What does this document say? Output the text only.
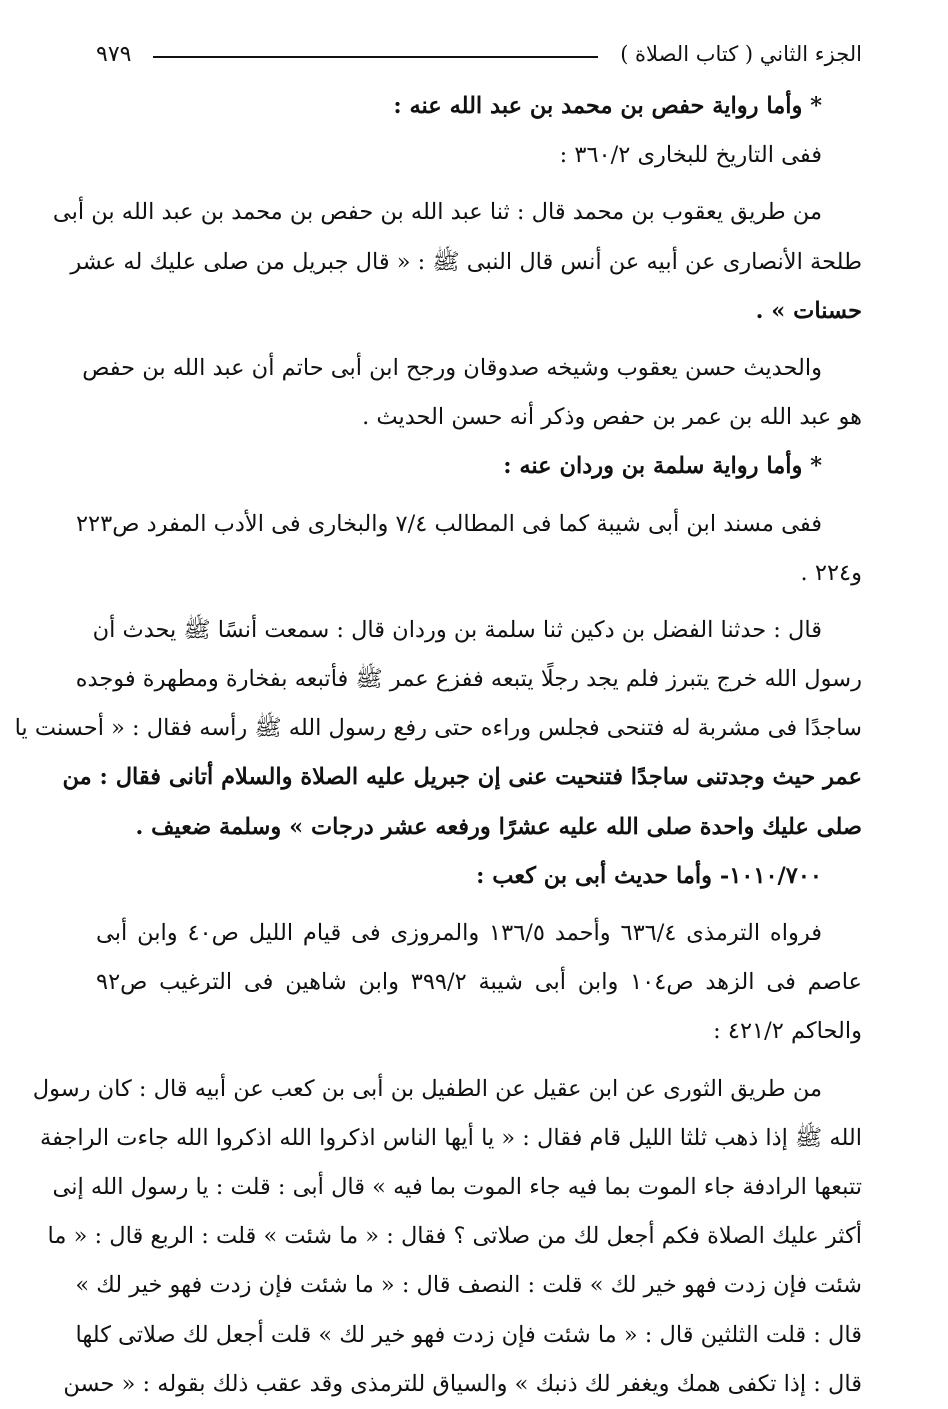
الجزء الثاني ( كتاب الصلاة )
٩٧٩
* وأما رواية حفص بن محمد بن عبد الله عنه :
ففى التاريخ للبخارى ٣٦٠/٢ :
من طريق يعقوب بن محمد قال : ثنا عبد الله بن حفص بن محمد بن عبد الله بن أبى
طلحة الأنصارى عن أبيه عن أنس قال النبى ﷺ : « قال جبريل من صلى عليك له عشر
حسنات » .
والحديث حسن يعقوب وشيخه صدوقان ورجح ابن أبى حاتم أن عبد الله بن حفص
هو عبد الله بن عمر بن حفص وذكر أنه حسن الحديث .
* وأما رواية سلمة بن وردان عنه :
ففى مسند ابن أبى شيبة كما فى المطالب ٧/٤ والبخارى فى الأدب المفرد ص٢٢٣
و٢٢٤ .
قال : حدثنا الفضل بن دكين ثنا سلمة بن وردان قال : سمعت أنسًا ﷺ يحدث أن
رسول الله خرج يتبرز فلم يجد رجلًا يتبعه ففزع عمر ﷺ فأتبعه بفخارة ومطهرة فوجده
ساجدًا فى مشربة له فتنحى فجلس وراءه حتى رفع رسول الله ﷺ رأسه فقال : « أحسنت يا
عمر حيث وجدتنى ساجدًا فتنحيت عنى إن جبريل عليه الصلاة والسلام أتانى فقال : من
صلى عليك واحدة صلى الله عليه عشرًا ورفعه عشر درجات » وسلمة ضعيف .
١٠١٠/٧٠٠- وأما حديث أبى بن كعب :
فرواه الترمذى ٦٣٦/٤ وأحمد ١٣٦/٥ والمروزى فى قيام الليل ص٤٠ وابن أبى
عاصم فى الزهد ص١٠٤ وابن أبى شيبة ٣٩٩/٢ وابن شاهين فى الترغيب ص٩٢
والحاكم ٤٢١/٢ :
من طريق الثورى عن ابن عقيل عن الطفيل بن أبى بن كعب عن أبيه قال : كان رسول
الله ﷺ إذا ذهب ثلثا الليل قام فقال : « يا أيها الناس اذكروا الله اذكروا الله جاءت الراجفة
تتبعها الرادفة جاء الموت بما فيه جاء الموت بما فيه » قال أبى : قلت : يا رسول الله إنى
أكثر عليك الصلاة فكم أجعل لك من صلاتى ؟ فقال : « ما شئت » قلت : الربع قال : « ما
شئت فإن زدت فهو خير لك » قلت : النصف قال : « ما شئت فإن زدت فهو خير لك »
قال : قلت الثلثين قال : « ما شئت فإن زدت فهو خير لك » قلت أجعل لك صلاتى كلها
قال : إذا تكفى همك ويغفر لك ذنبك » والسياق للترمذى وقد عقب ذلك بقوله : « حسن
